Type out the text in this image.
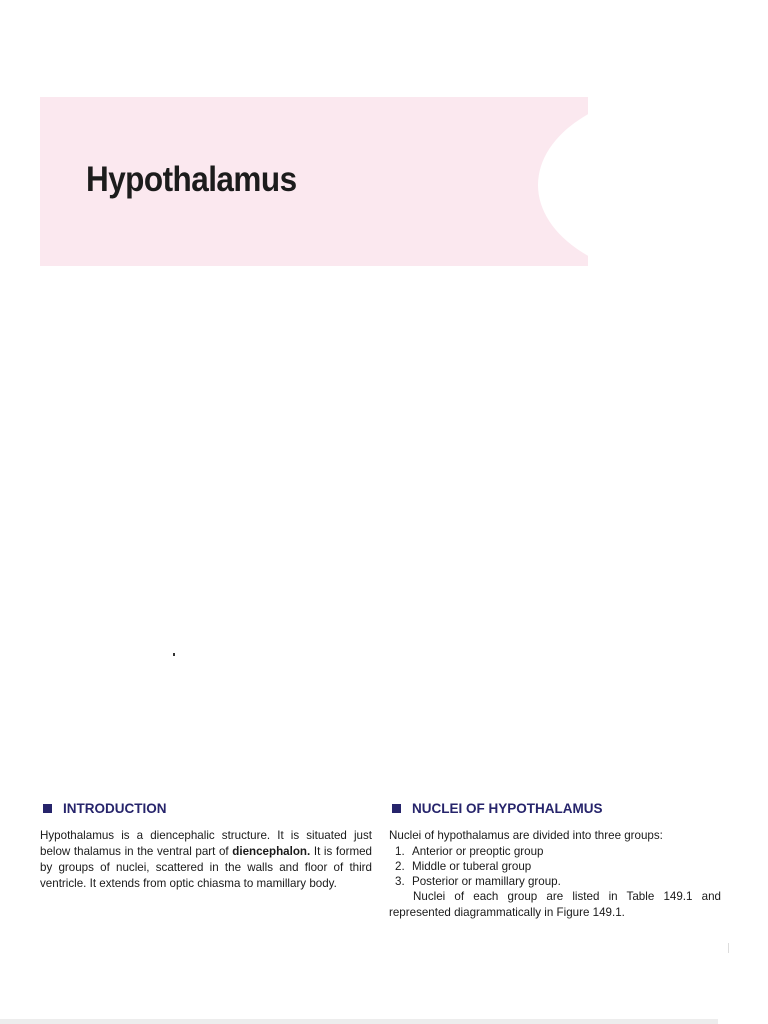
Hypothalamus
INTRODUCTION

Hypothalamus is a diencephalic structure. It is situated just below thalamus in the ventral part of diencephalon. It is formed by groups of nuclei, scattered in the walls and floor of third ventricle. It extends from optic chiasma to mamillary body.

NUCLEI OF HYPOTHALAMUS

Nuclei of hypothalamus are divided into three groups:

1. Anterior or preoptic group
2. Middle or tuberal group
3. Posterior or mamillary group.

Nuclei of each group are listed in Table 149.1 and represented diagrammatically in Figure 149.1.
